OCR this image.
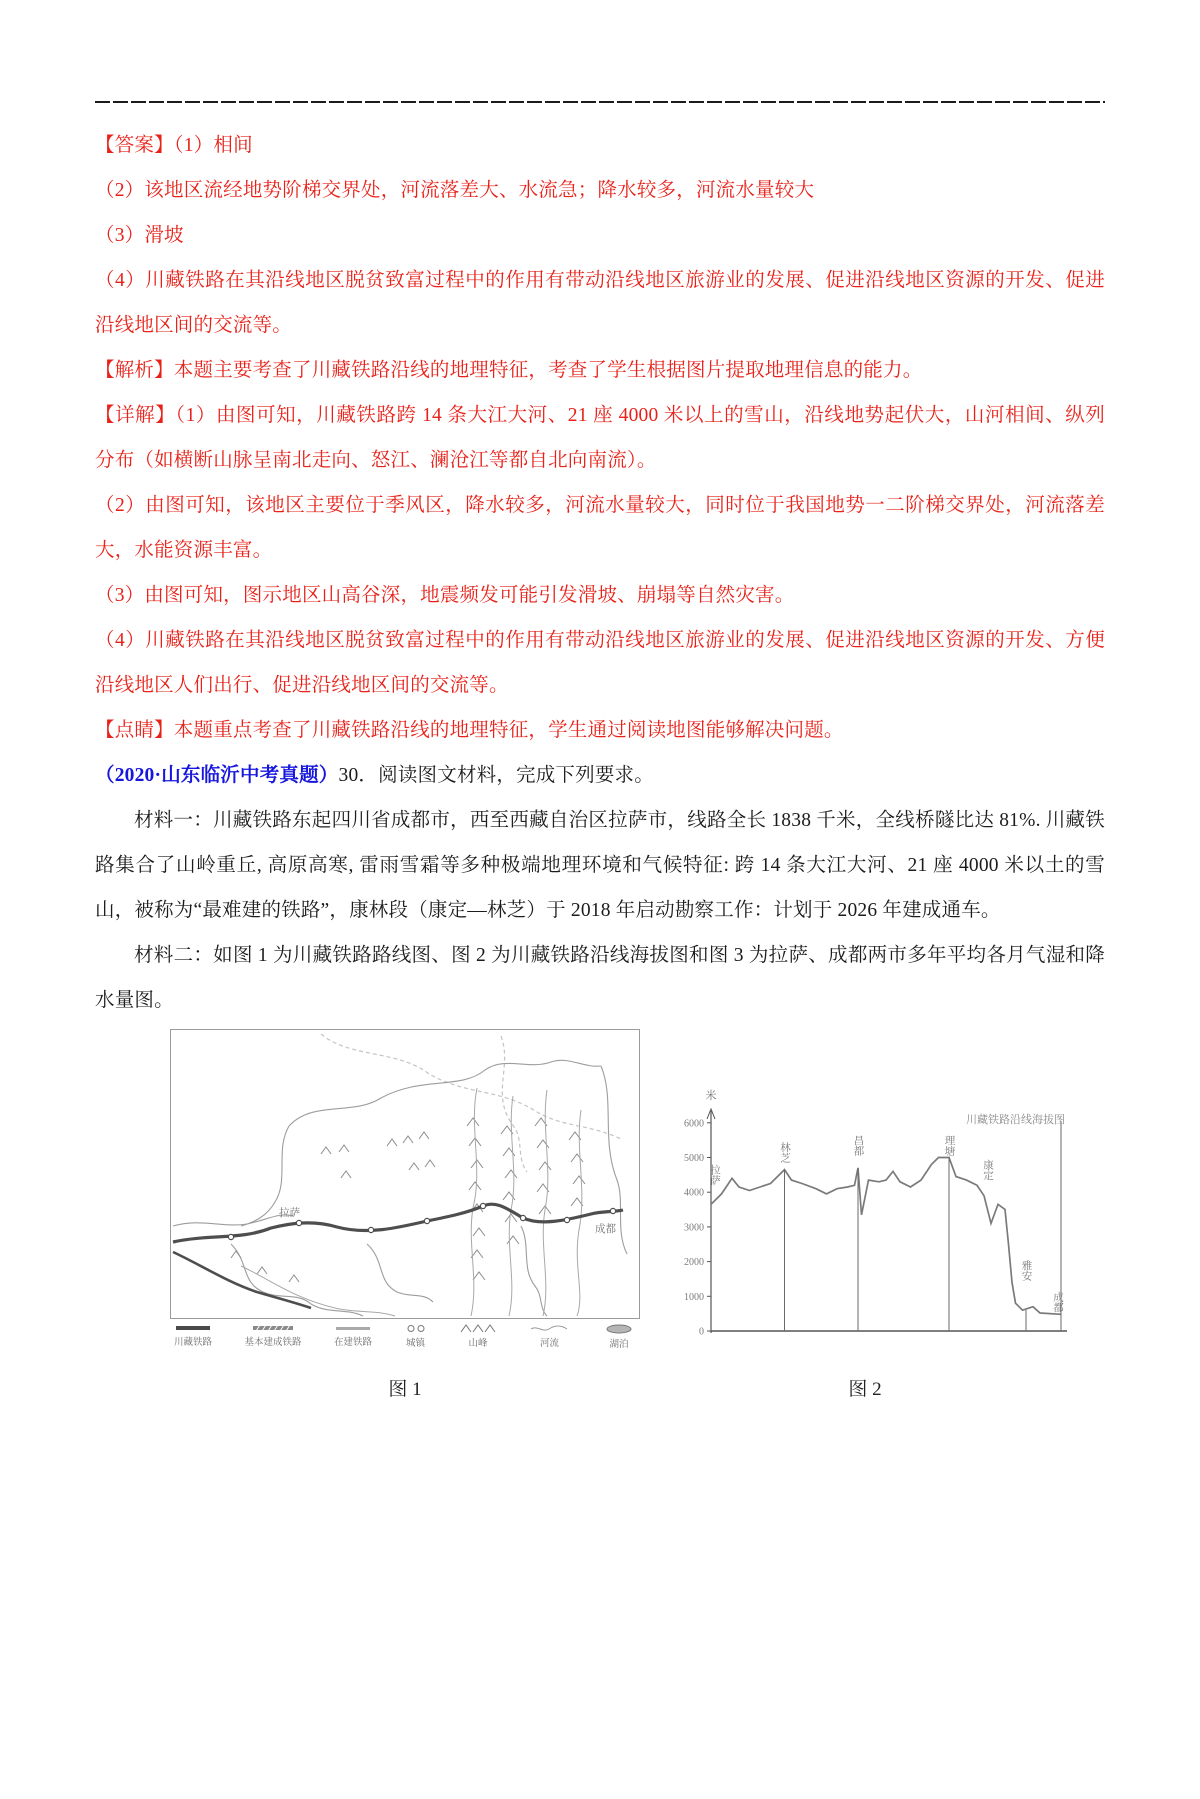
【答案】（1）相间

（2）该地区流经地势阶梯交界处，河流落差大、水流急；降水较多，河流水量较大

（3）滑坡

（4）川藏铁路在其沿线地区脱贫致富过程中的作用有带动沿线地区旅游业的发展、促进沿线地区资源的开发、促进沿线地区间的交流等。

【解析】本题主要考查了川藏铁路沿线的地理特征，考查了学生根据图片提取地理信息的能力。

【详解】（1）由图可知，川藏铁路跨 14 条大江大河、21 座 4000 米以上的雪山，沿线地势起伏大，山河相间、纵列分布（如横断山脉呈南北走向、怒江、澜沧江等都自北向南流）。

（2）由图可知，该地区主要位于季风区，降水较多，河流水量较大，同时位于我国地势一二阶梯交界处，河流落差大，水能资源丰富。

（3）由图可知，图示地区山高谷深，地震频发可能引发滑坡、崩塌等自然灾害。

（4）川藏铁路在其沿线地区脱贫致富过程中的作用有带动沿线地区旅游业的发展、促进沿线地区资源的开发、方便沿线地区人们出行、促进沿线地区间的交流等。

【点睛】本题重点考查了川藏铁路沿线的地理特征，学生通过阅读地图能够解决问题。

（2020·山东临沂中考真题）30．阅读图文材料，完成下列要求。

材料一：川藏铁路东起四川省成都市，西至西藏自治区拉萨市，线路全长 1838 千米，全线桥隧比达 81%. 川藏铁路集合了山岭重丘, 高原高寒, 雷雨雪霜等多种极端地理环境和气候特征: 跨 14 条大江大河、21 座 4000 米以土的雪山，被称为“最难建的铁路”，康林段（康定—林芝）于 2018 年启动勘察工作：计划于 2026 年建成通车。

材料二：如图 1 为川藏铁路路线图、图 2 为川藏铁路沿线海拔图和图 3 为拉萨、成都两市多年平均各月气湿和降水量图。

拉萨
成都
川藏铁路	基本建成铁路	在建铁路	城镇	山峰	河流	湖泊
图 1
米
川藏铁路沿线海拔图
6000
5000
4000
3000
2000
1000
0
拉萨
林芝	昌都	理塘
康定
雅安
成都
图 2
